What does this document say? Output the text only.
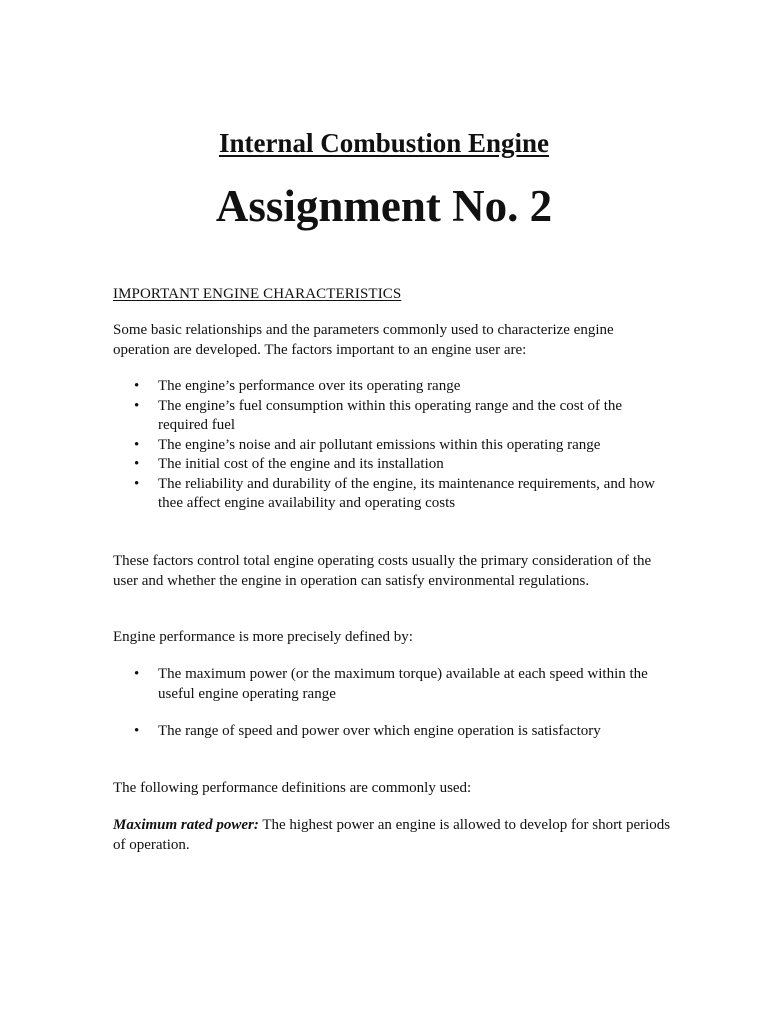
Internal Combustion Engine
Assignment No. 2
IMPORTANT ENGINE CHARACTERISTICS

Some basic relationships and the parameters commonly used to characterize engine operation are developed. The factors important to an engine user are:

• The engine’s performance over its operating range
• The engine’s fuel consumption within this operating range and the cost of the required fuel
• The engine’s noise and air pollutant emissions within this operating range
• The initial cost of the engine and its installation
• The reliability and durability of the engine, its maintenance requirements, and how thee affect engine availability and operating costs

These factors control total engine operating costs usually the primary consideration of the user and whether the engine in operation can satisfy environmental regulations.

Engine performance is more precisely defined by:

• The maximum power (or the maximum torque) available at each speed within the useful engine operating range
• The range of speed and power over which engine operation is satisfactory

The following performance definitions are commonly used:

Maximum rated power: The highest power an engine is allowed to develop for short periods of operation.
